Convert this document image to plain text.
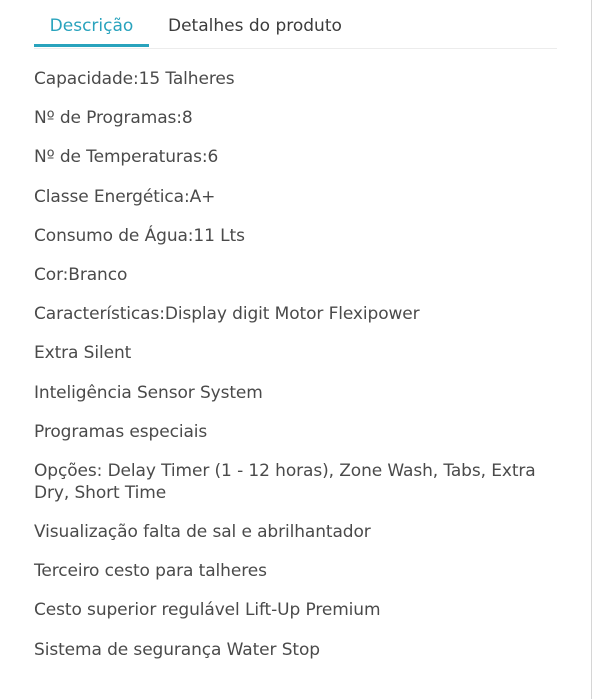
Descrição	Detalhes do produto
Capacidade:15 Talheres
Nº de Programas:8
Nº de Temperaturas:6
Classe Energética:A+
Consumo de Água:11 Lts
Cor:Branco
Características:Display digit Motor Flexipower
Extra Silent
Inteligência Sensor System
Programas especiais
Opções: Delay Timer (1 - 12 horas), Zone Wash, Tabs, Extra Dry, Short Time
Visualização falta de sal e abrilhantador
Terceiro cesto para talheres
Cesto superior regulável Lift-Up Premium
Sistema de segurança Water Stop
